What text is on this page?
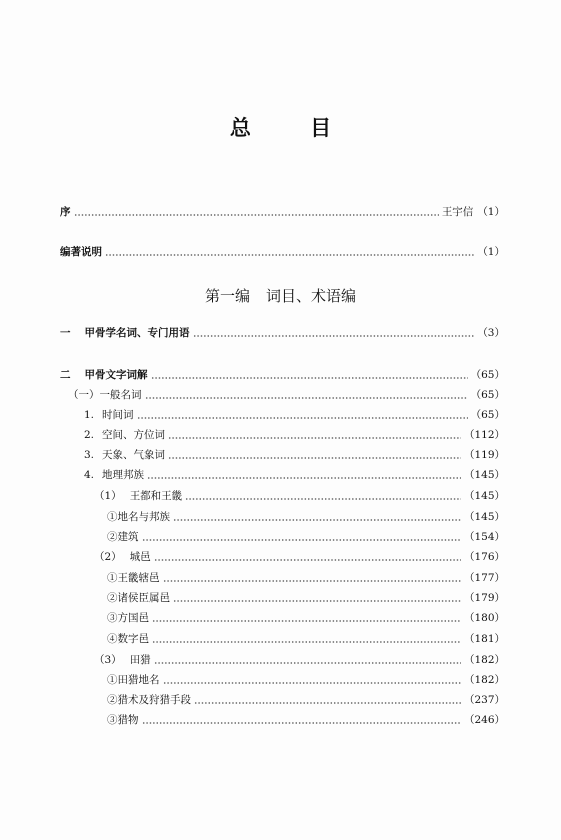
总 目
序	王宇信 （1）
编著说明	（1）
第一编 词目、术语编
一 甲骨学名词、专门用语	（3）
二 甲骨文字词解	（65）
（一）一般名词	（65）
1. 时间词	（65）
2. 空间、方位词	（112）
3. 天象、气象词	（119）
4. 地理邦族	（145）
（1） 王都和王畿	（145）
①地名与邦族	（145）
②建筑	（154）
（2） 城邑	（176）
①王畿辖邑	（177）
②诸侯臣属邑	（179）
③方国邑	（180）
④数字邑	（181）
（3） 田猎	（182）
①田猎地名	（182）
②猎术及狩猎手段	（237）
③猎物	（246）
